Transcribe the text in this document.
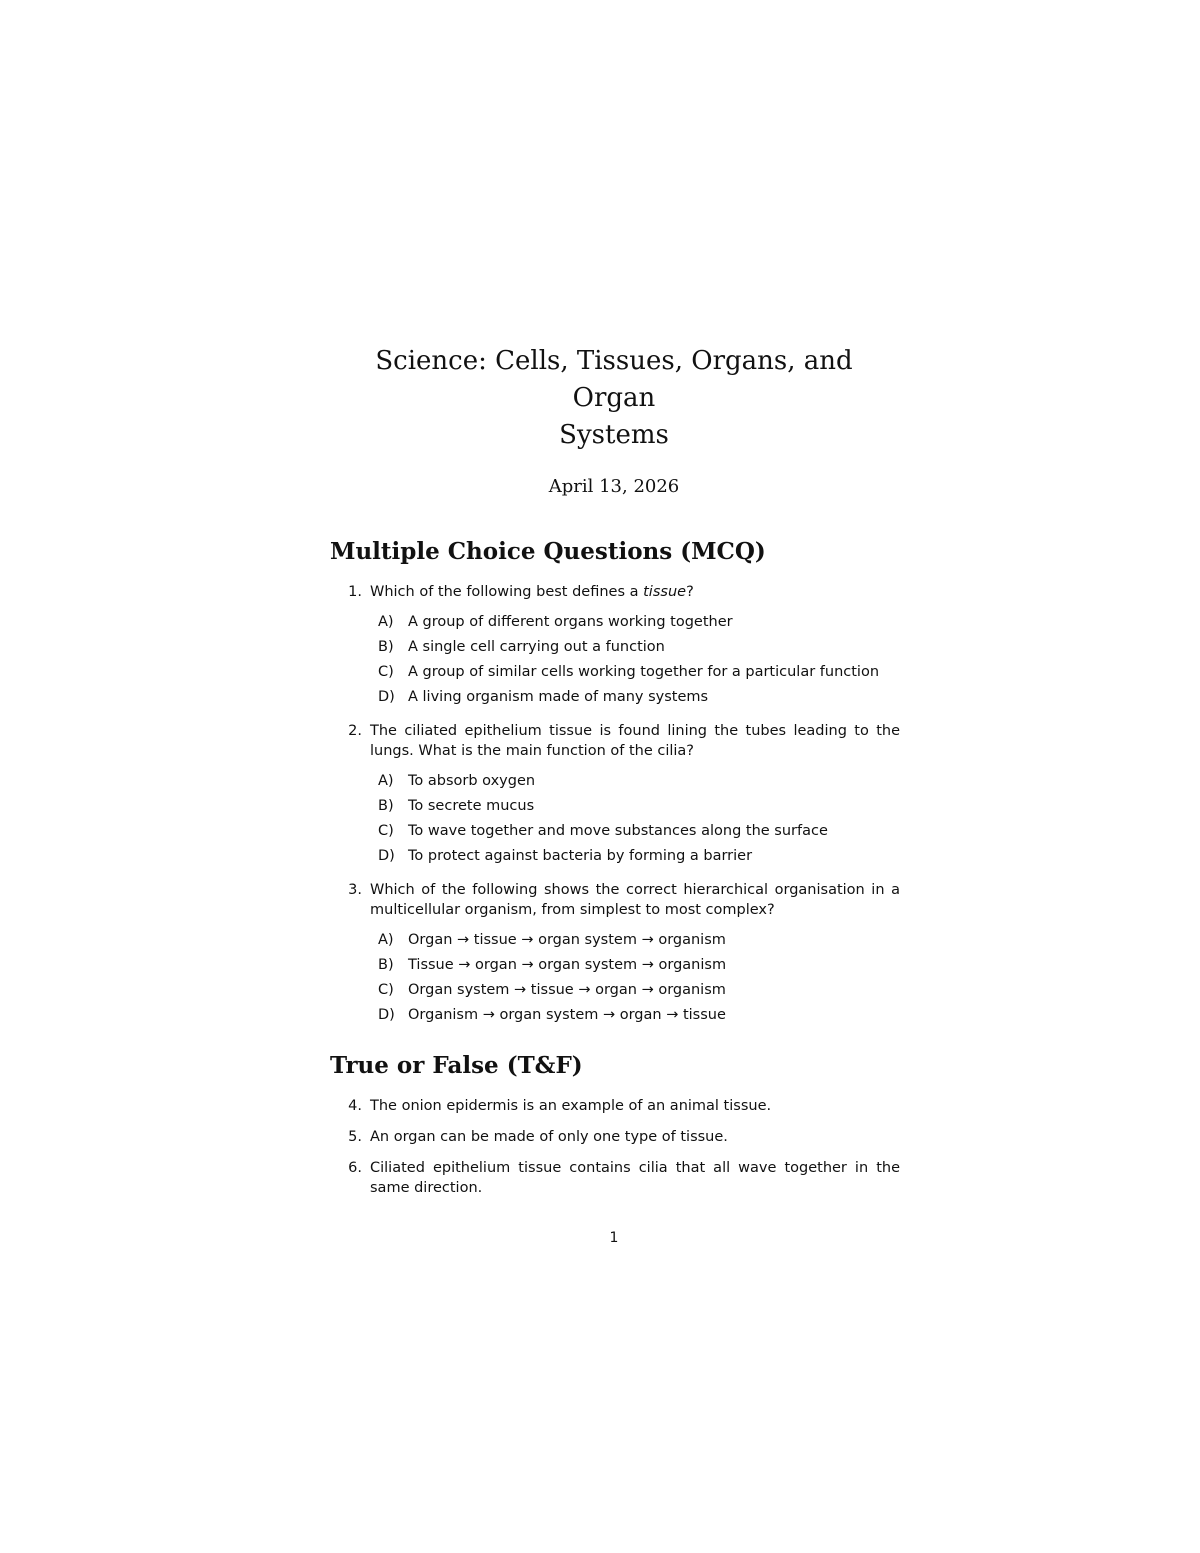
Science: Cells, Tissues, Organs, and Organ
Systems
April 13, 2026
Multiple Choice Questions (MCQ)
1. Which of the following best defines a tissue?
A) A group of different organs working together
B) A single cell carrying out a function
C) A group of similar cells working together for a particular function
D) A living organism made of many systems
2. The ciliated epithelium tissue is found lining the tubes leading to the lungs. What is the main function of the cilia?
A) To absorb oxygen
B) To secrete mucus
C) To wave together and move substances along the surface
D) To protect against bacteria by forming a barrier
3. Which of the following shows the correct hierarchical organisation in a multicellular organism, from simplest to most complex?
A) Organ → tissue → organ system → organism
B) Tissue → organ → organ system → organism
C) Organ system → tissue → organ → organism
D) Organism → organ system → organ → tissue
True or False (T&F)
4. The onion epidermis is an example of an animal tissue.
5. An organ can be made of only one type of tissue.
6. Ciliated epithelium tissue contains cilia that all wave together in the same direction.
1
